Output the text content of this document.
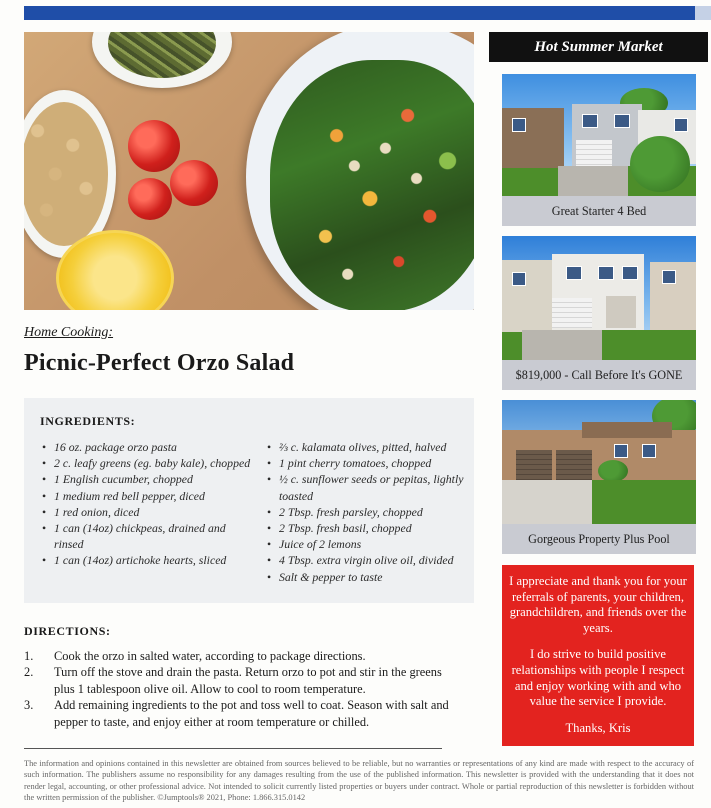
Home Cooking:
Picnic-Perfect Orzo Salad
INGREDIENTS:
• 16 oz. package orzo pasta
• 2 c. leafy greens (eg. baby kale), chopped
• 1 English cucumber, chopped
• 1 medium red bell pepper, diced
• 1 red onion, diced
• 1 can (14oz) chickpeas, drained and rinsed
• 1 can (14oz) artichoke hearts, sliced
• ⅔ c. kalamata olives, pitted, halved
• 1 pint cherry tomatoes, chopped
• ½ c. sunflower seeds or pepitas, lightly toasted
• 2 Tbsp. fresh parsley, chopped
• 2 Tbsp. fresh basil, chopped
• Juice of 2 lemons
• 4 Tbsp. extra virgin olive oil, divided
• Salt & pepper to taste
DIRECTIONS:
1. Cook the orzo in salted water, according to package directions.
2. Turn off the stove and drain the pasta. Return orzo to pot and stir in the greens plus 1 tablespoon olive oil. Allow to cool to room temperature.
3. Add remaining ingredients to the pot and toss well to coat. Season with salt and pepper to taste, and enjoy either at room temperature or chilled.

The information and opinions contained in this newsletter are obtained from sources believed to be reliable, but no warranties or representations of any kind are made with respect to the accuracy of such information. The publishers assume no responsibility for any damages resulting from the use of the published information. This newsletter is provided with the understanding that it does not render legal, accounting, or other professional advice. Not intended to solicit currently listed properties or buyers under contract. Whole or partial reproduction of this newsletter is forbidden without the written permission of the publisher. ©Jumptools® 2021, Phone: 1.866.315.0142

Hot Summer Market
Great Starter 4 Bed
$819,000 - Call Before It's GONE
Gorgeous Property Plus Pool

I appreciate and thank you for your referrals of parents, your children, grandchildren, and friends over the years.

I do strive to build positive relationships with people I respect and enjoy working with and who value the service I provide.

Thanks, Kris
